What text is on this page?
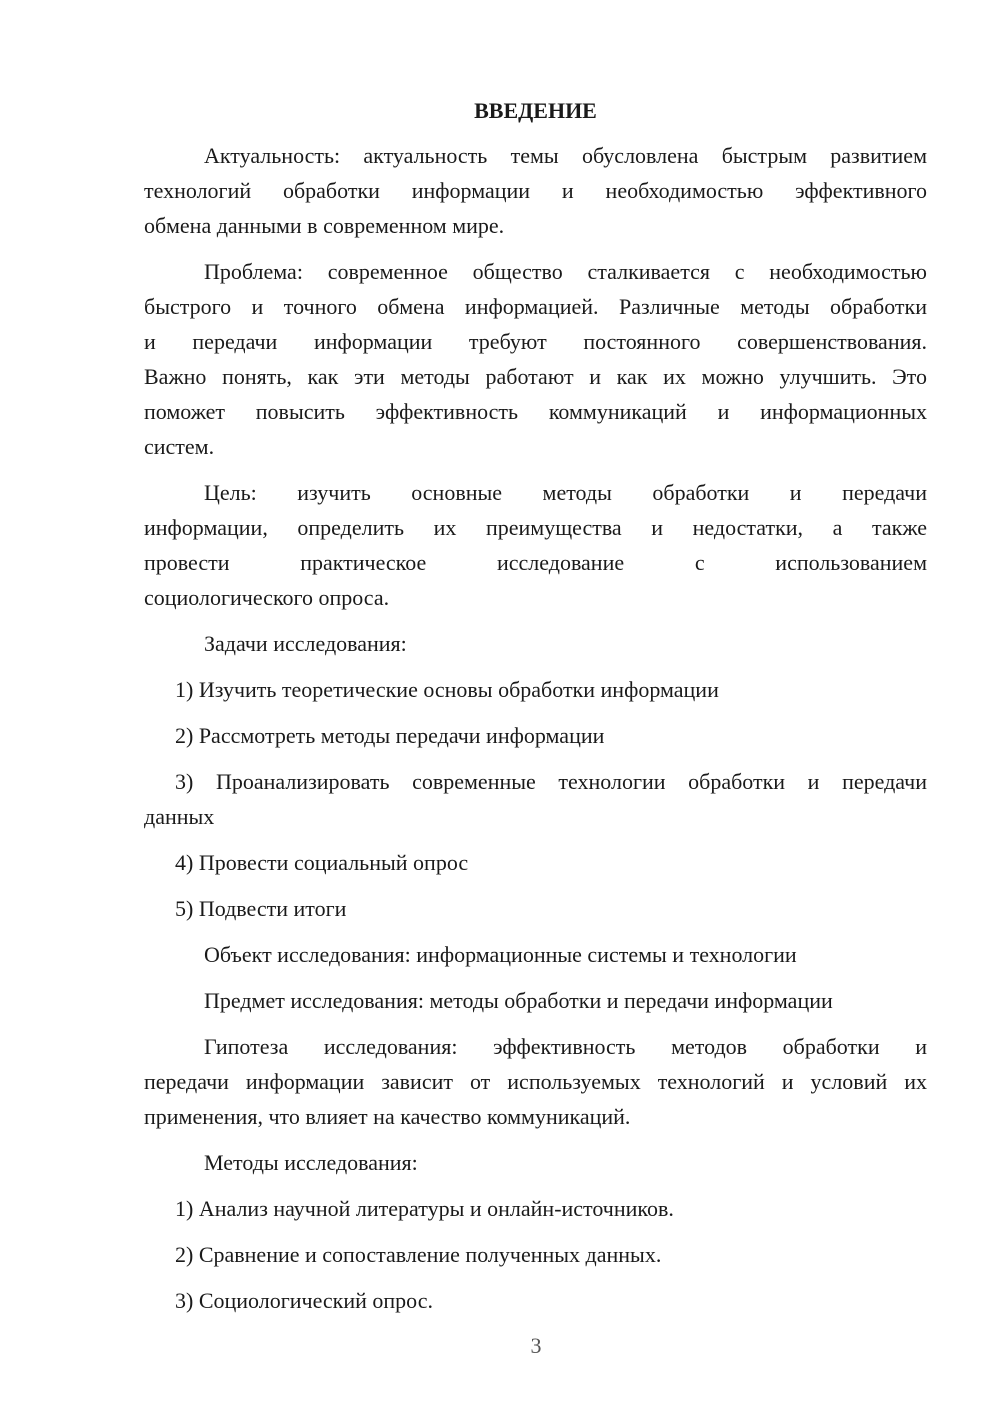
ВВЕДЕНИЕ
Актуальность: актуальность темы обусловлена быстрым развитием
технологий обработки информации и необходимостью эффективного
обмена данными в современном мире.
Проблема: современное общество сталкивается с необходимостью
быстрого и точного обмена информацией. Различные методы обработки
и передачи информации требуют постоянного совершенствования.
Важно понять, как эти методы работают и как их можно улучшить. Это
поможет повысить эффективность коммуникаций и информационных
систем.
Цель: изучить основные методы обработки и передачи
информации, определить их преимущества и недостатки, а также
провести практическое исследование с использованием
социологического опроса.
Задачи исследования:
1) Изучить теоретические основы обработки информации
2) Рассмотреть методы передачи информации
3) Проанализировать современные технологии обработки и передачи
данных
4) Провести социальный опрос
5) Подвести итоги
Объект исследования: информационные системы и технологии
Предмет исследования: методы обработки и передачи информации
Гипотеза исследования: эффективность методов обработки и
передачи информации зависит от используемых технологий и условий их
применения, что влияет на качество коммуникаций.
Методы исследования:
1) Анализ научной литературы и онлайн-источников.
2) Сравнение и сопоставление полученных данных.
3) Социологический опрос.
3
